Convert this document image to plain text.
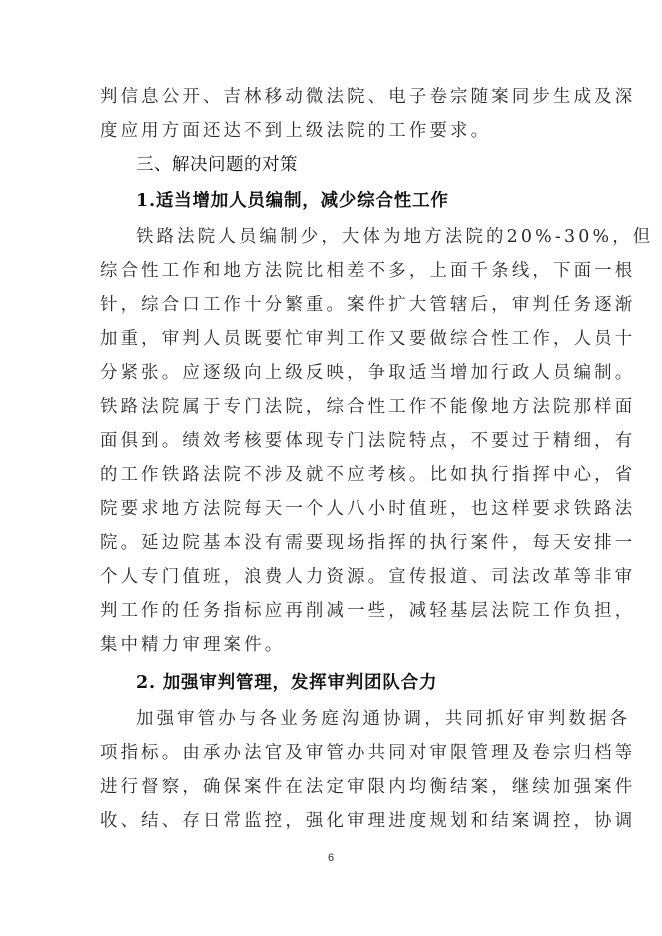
判信息公开、吉林移动微法院、电子卷宗随案同步生成及深
度应用方面还达不到上级法院的工作要求。
三、解决问题的对策
1.适当增加人员编制，减少综合性工作
铁路法院人员编制少，大体为地方法院的20%-30%，但
综合性工作和地方法院比相差不多，上面千条线，下面一根
针，综合口工作十分繁重。案件扩大管辖后，审判任务逐渐
加重，审判人员既要忙审判工作又要做综合性工作，人员十
分紧张。应逐级向上级反映，争取适当增加行政人员编制。
铁路法院属于专门法院，综合性工作不能像地方法院那样面
面俱到。绩效考核要体现专门法院特点，不要过于精细，有
的工作铁路法院不涉及就不应考核。比如执行指挥中心，省
院要求地方法院每天一个人八小时值班，也这样要求铁路法
院。延边院基本没有需要现场指挥的执行案件，每天安排一
个人专门值班，浪费人力资源。宣传报道、司法改革等非审
判工作的任务指标应再削减一些，减轻基层法院工作负担，
集中精力审理案件。
2. 加强审判管理，发挥审判团队合力
加强审管办与各业务庭沟通协调，共同抓好审判数据各
项指标。由承办法官及审管办共同对审限管理及卷宗归档等
进行督察，确保案件在法定审限内均衡结案，继续加强案件
收、结、存日常监控，强化审理进度规划和结案调控，协调
6
